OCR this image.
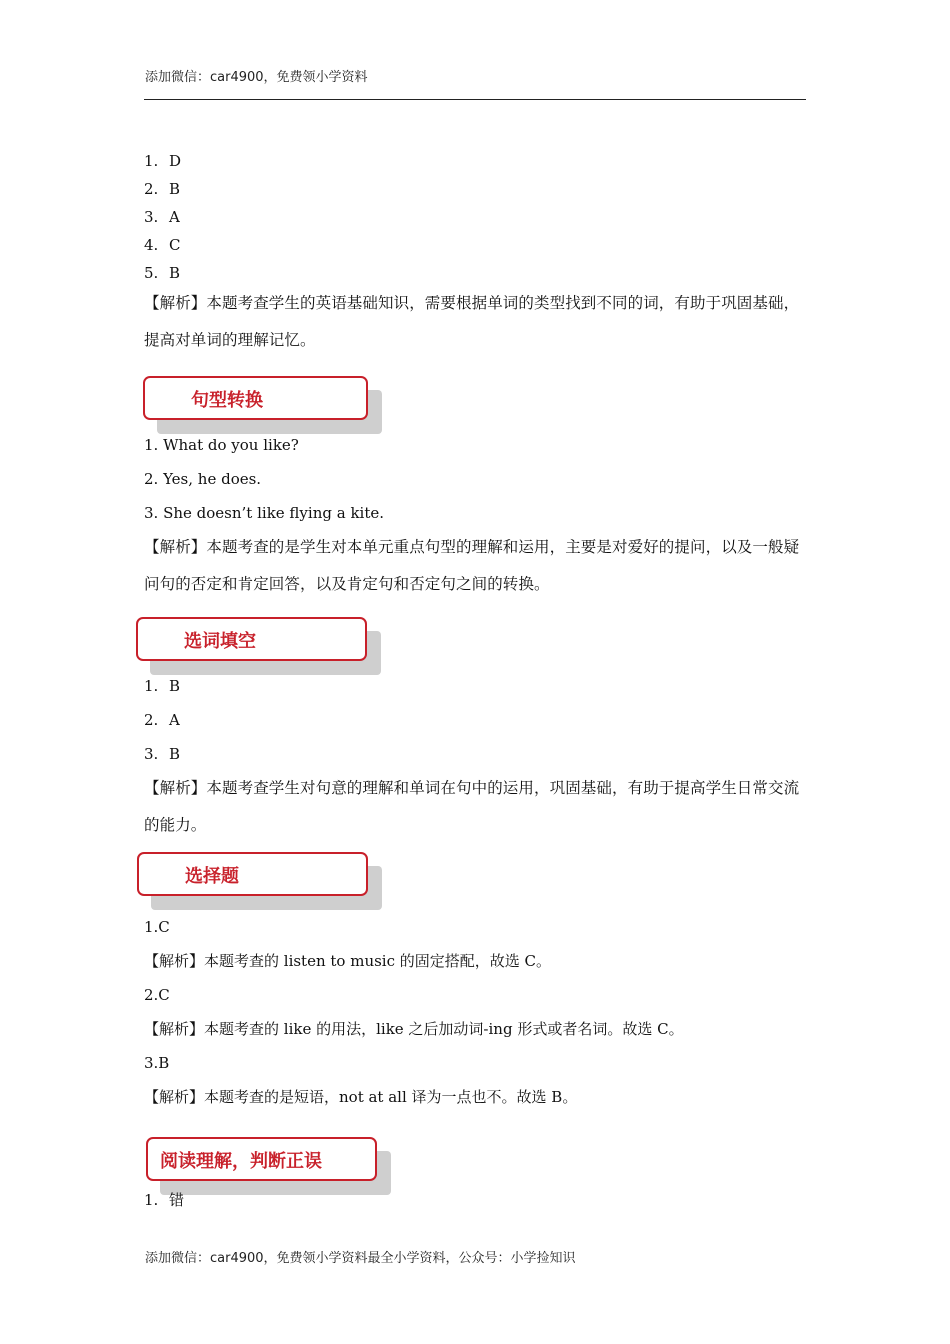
添加微信：car4900，免费领小学资料
1. D
2. B
3. A
4. C
5. B
【解析】本题考查学生的英语基础知识，需要根据单词的类型找到不同的词，有助于巩固基础，提高对单词的理解记忆。
句型转换
1. What do you like?
2. Yes, he does.
3. She doesn’t like flying a kite.
【解析】本题考查的是学生对本单元重点句型的理解和运用，主要是对爱好的提问，以及一般疑问句的否定和肯定回答，以及肯定句和否定句之间的转换。
选词填空
1. B
2. A
3. B
【解析】本题考查学生对句意的理解和单词在句中的运用，巩固基础，有助于提高学生日常交流的能力。
选择题
1.C
【解析】本题考查的 listen to music 的固定搭配，故选 C。
2.C
【解析】本题考查的 like 的用法，like 之后加动词-ing 形式或者名词。故选 C。
3.B
【解析】本题考查的是短语，not at all 译为一点也不。故选 B。
阅读理解，判断正误
1. 错
添加微信：car4900，免费领小学资料最全小学资料，公众号：小学捡知识
